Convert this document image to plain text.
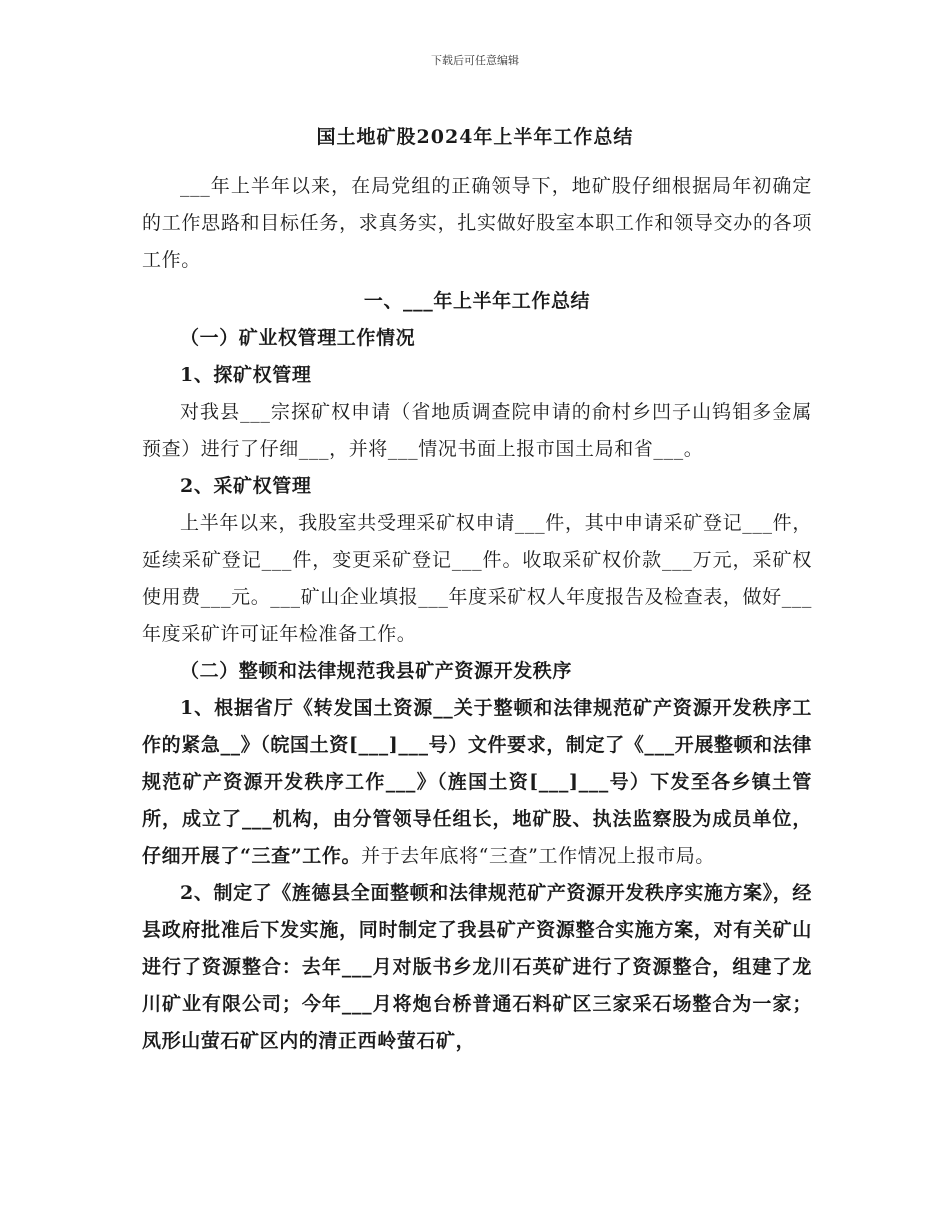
下载后可任意编辑
国土地矿股2024年上半年工作总结

___年上半年以来，在局党组的正确领导下，地矿股仔细根据局年初确定的工作思路和目标任务，求真务实，扎实做好股室本职工作和领导交办的各项工作。

一、___年上半年工作总结

（一）矿业权管理工作情况

1、探矿权管理

对我县___宗探矿权申请（省地质调查院申请的俞村乡凹子山钨钼多金属预查）进行了仔细___，并将___情况书面上报市国土局和省___。

2、采矿权管理

上半年以来，我股室共受理采矿权申请___件，其中申请采矿登记___件，延续采矿登记___件，变更采矿登记___件。收取采矿权价款___万元，采矿权使用费___元。___矿山企业填报___年度采矿权人年度报告及检查表，做好___年度采矿许可证年检准备工作。

（二）整顿和法律规范我县矿产资源开发秩序

1、根据省厅《转发国土资源__关于整顿和法律规范矿产资源开发秩序工作的紧急__》（皖国土资[___]___号）文件要求，制定了《___开展整顿和法律规范矿产资源开发秩序工作___》（旌国土资[___]___号）下发至各乡镇土管所，成立了___机构，由分管领导任组长，地矿股、执法监察股为成员单位，仔细开展了“三查”工作。并于去年底将“三查”工作情况上报市局。

2、制定了《旌德县全面整顿和法律规范矿产资源开发秩序实施方案》，经县政府批准后下发实施，同时制定了我县矿产资源整合实施方案，对有关矿山进行了资源整合：去年___月对版书乡龙川石英矿进行了资源整合，组建了龙川矿业有限公司；今年___月将炮台桥普通石料矿区三家采石场整合为一家；凤形山萤石矿区内的清正西岭萤石矿，
